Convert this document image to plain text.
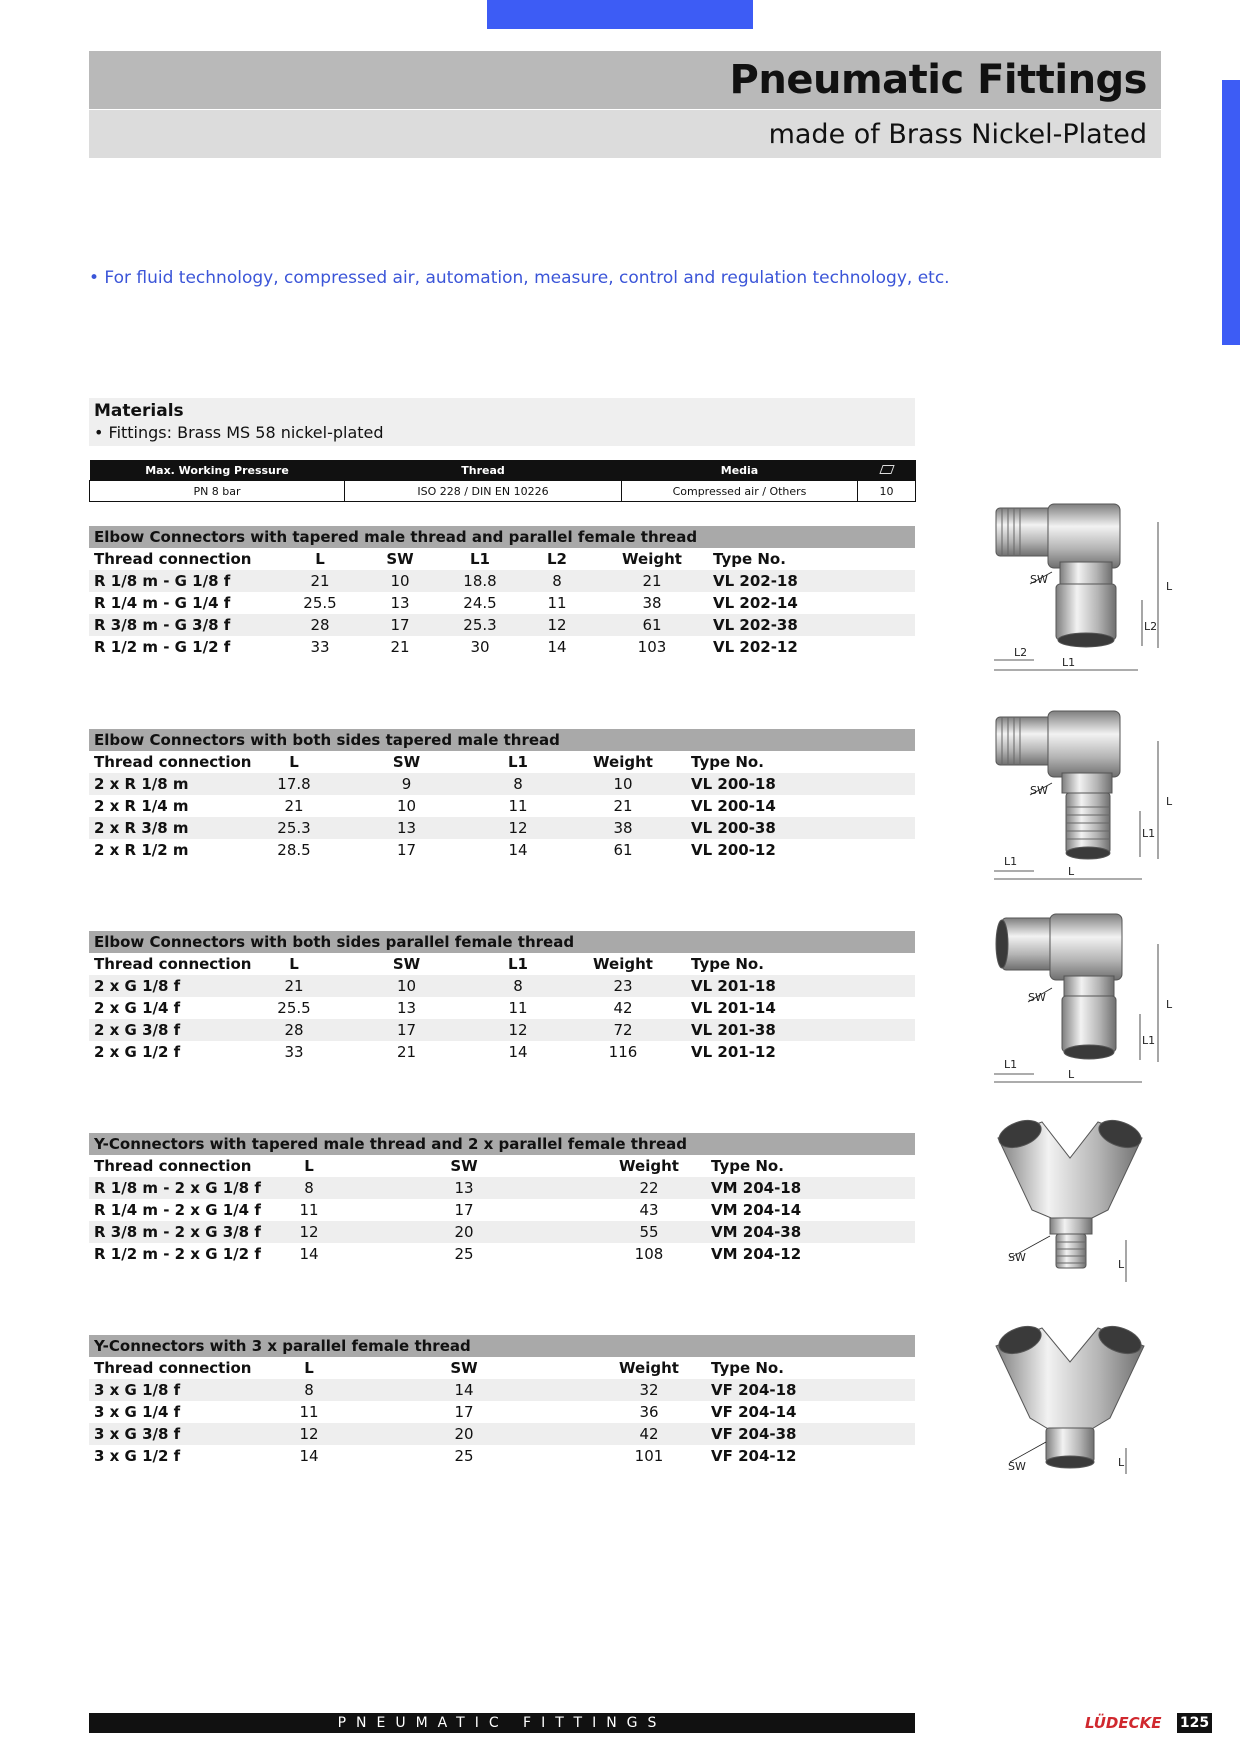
Pneumatic Fittings
made of Brass Nickel-Plated
• For fluid technology, compressed air, automation, measure, control and regulation technology, etc.
Materials
• Fittings: Brass MS 58 nickel-plated
Max. Working Pressure	Thread	Media	
PN 8 bar	ISO 228 / DIN EN 10226	Compressed air / Others	10
Elbow Connectors with tapered male thread and parallel female thread
Thread connection	L	SW	L1	L2	Weight	Type No.
R 1/8 m - G 1/8 f	21	10	18.8	8	21	VL 202-18
R 1/4 m - G 1/4 f	25.5	13	24.5	11	38	VL 202-14
R 3/8 m - G 3/8 f	28	17	25.3	12	61	VL 202-38
R 1/2 m - G 1/2 f	33	21	30	14	103	VL 202-12
Elbow Connectors with both sides tapered male thread
Thread connection	L	SW	L1	Weight	Type No.
2 x R 1/8 m	17.8	9	8	10	VL 200-18
2 x R 1/4 m	21	10	11	21	VL 200-14
2 x R 3/8 m	25.3	13	12	38	VL 200-38
2 x R 1/2 m	28.5	17	14	61	VL 200-12
Elbow Connectors with both sides parallel female thread
Thread connection	L	SW	L1	Weight	Type No.
2 x G 1/8 f	21	10	8	23	VL 201-18
2 x G 1/4 f	25.5	13	11	42	VL 201-14
2 x G 3/8 f	28	17	12	72	VL 201-38
2 x G 1/2 f	33	21	14	116	VL 201-12
Y-Connectors with tapered male thread and 2 x parallel female thread
Thread connection	L	SW	Weight	Type No.
R 1/8 m - 2 x G 1/8 f	8	13	22	VM 204-18
R 1/4 m - 2 x G 1/4 f	11	17	43	VM 204-14
R 3/8 m - 2 x G 3/8 f	12	20	55	VM 204-38
R 1/2 m - 2 x G 1/2 f	14	25	108	VM 204-12
Y-Connectors with 3 x parallel female thread
Thread connection	L	SW	Weight	Type No.
3 x G 1/8 f	8	14	32	VF 204-18
3 x G 1/4 f	11	17	36	VF 204-14
3 x G 3/8 f	12	20	42	VF 204-38
3 x G 1/2 f	14	25	101	VF 204-12
SW
L
L2
L2
L1
SW
L
L1
L1
L
SW
L
L1
L1
L
SW
L
SW	L
PNEUMATIC FITTINGS	LÜDECKE 125
